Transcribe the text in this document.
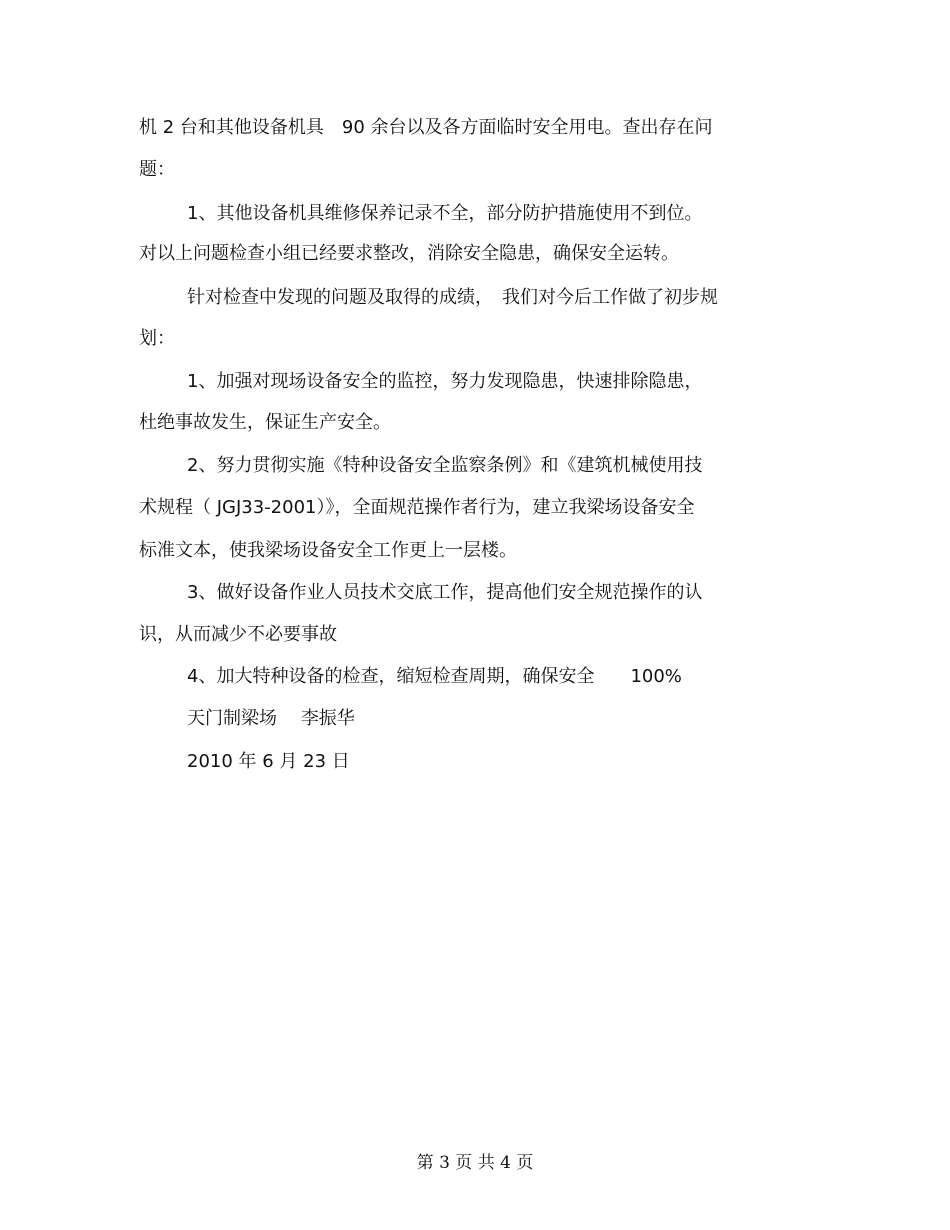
机 2 台和其他设备机具　90 余台以及各方面临时安全用电。查出存在问
题：
1、其他设备机具维修保养记录不全，部分防护措施使用不到位。
对以上问题检查小组已经要求整改，消除安全隐患，确保安全运转。
针对检查中发现的问题及取得的成绩，　我们对今后工作做了初步规
划：
1、加强对现场设备安全的监控，努力发现隐患，快速排除隐患，
杜绝事故发生，保证生产安全。
2、努力贯彻实施《特种设备安全监察条例》和《建筑机械使用技
术规程（ JGJ33-2001）》，全面规范操作者行为，建立我梁场设备安全
标准文本，使我梁场设备安全工作更上一层楼。
3、做好设备作业人员技术交底工作，提高他们安全规范操作的认
识，从而减少不必要事故
4、加大特种设备的检查，缩短检查周期，确保安全　　100%
天门制梁场　 李振华
2010 年 6 月 23 日
第 3 页 共 4 页
